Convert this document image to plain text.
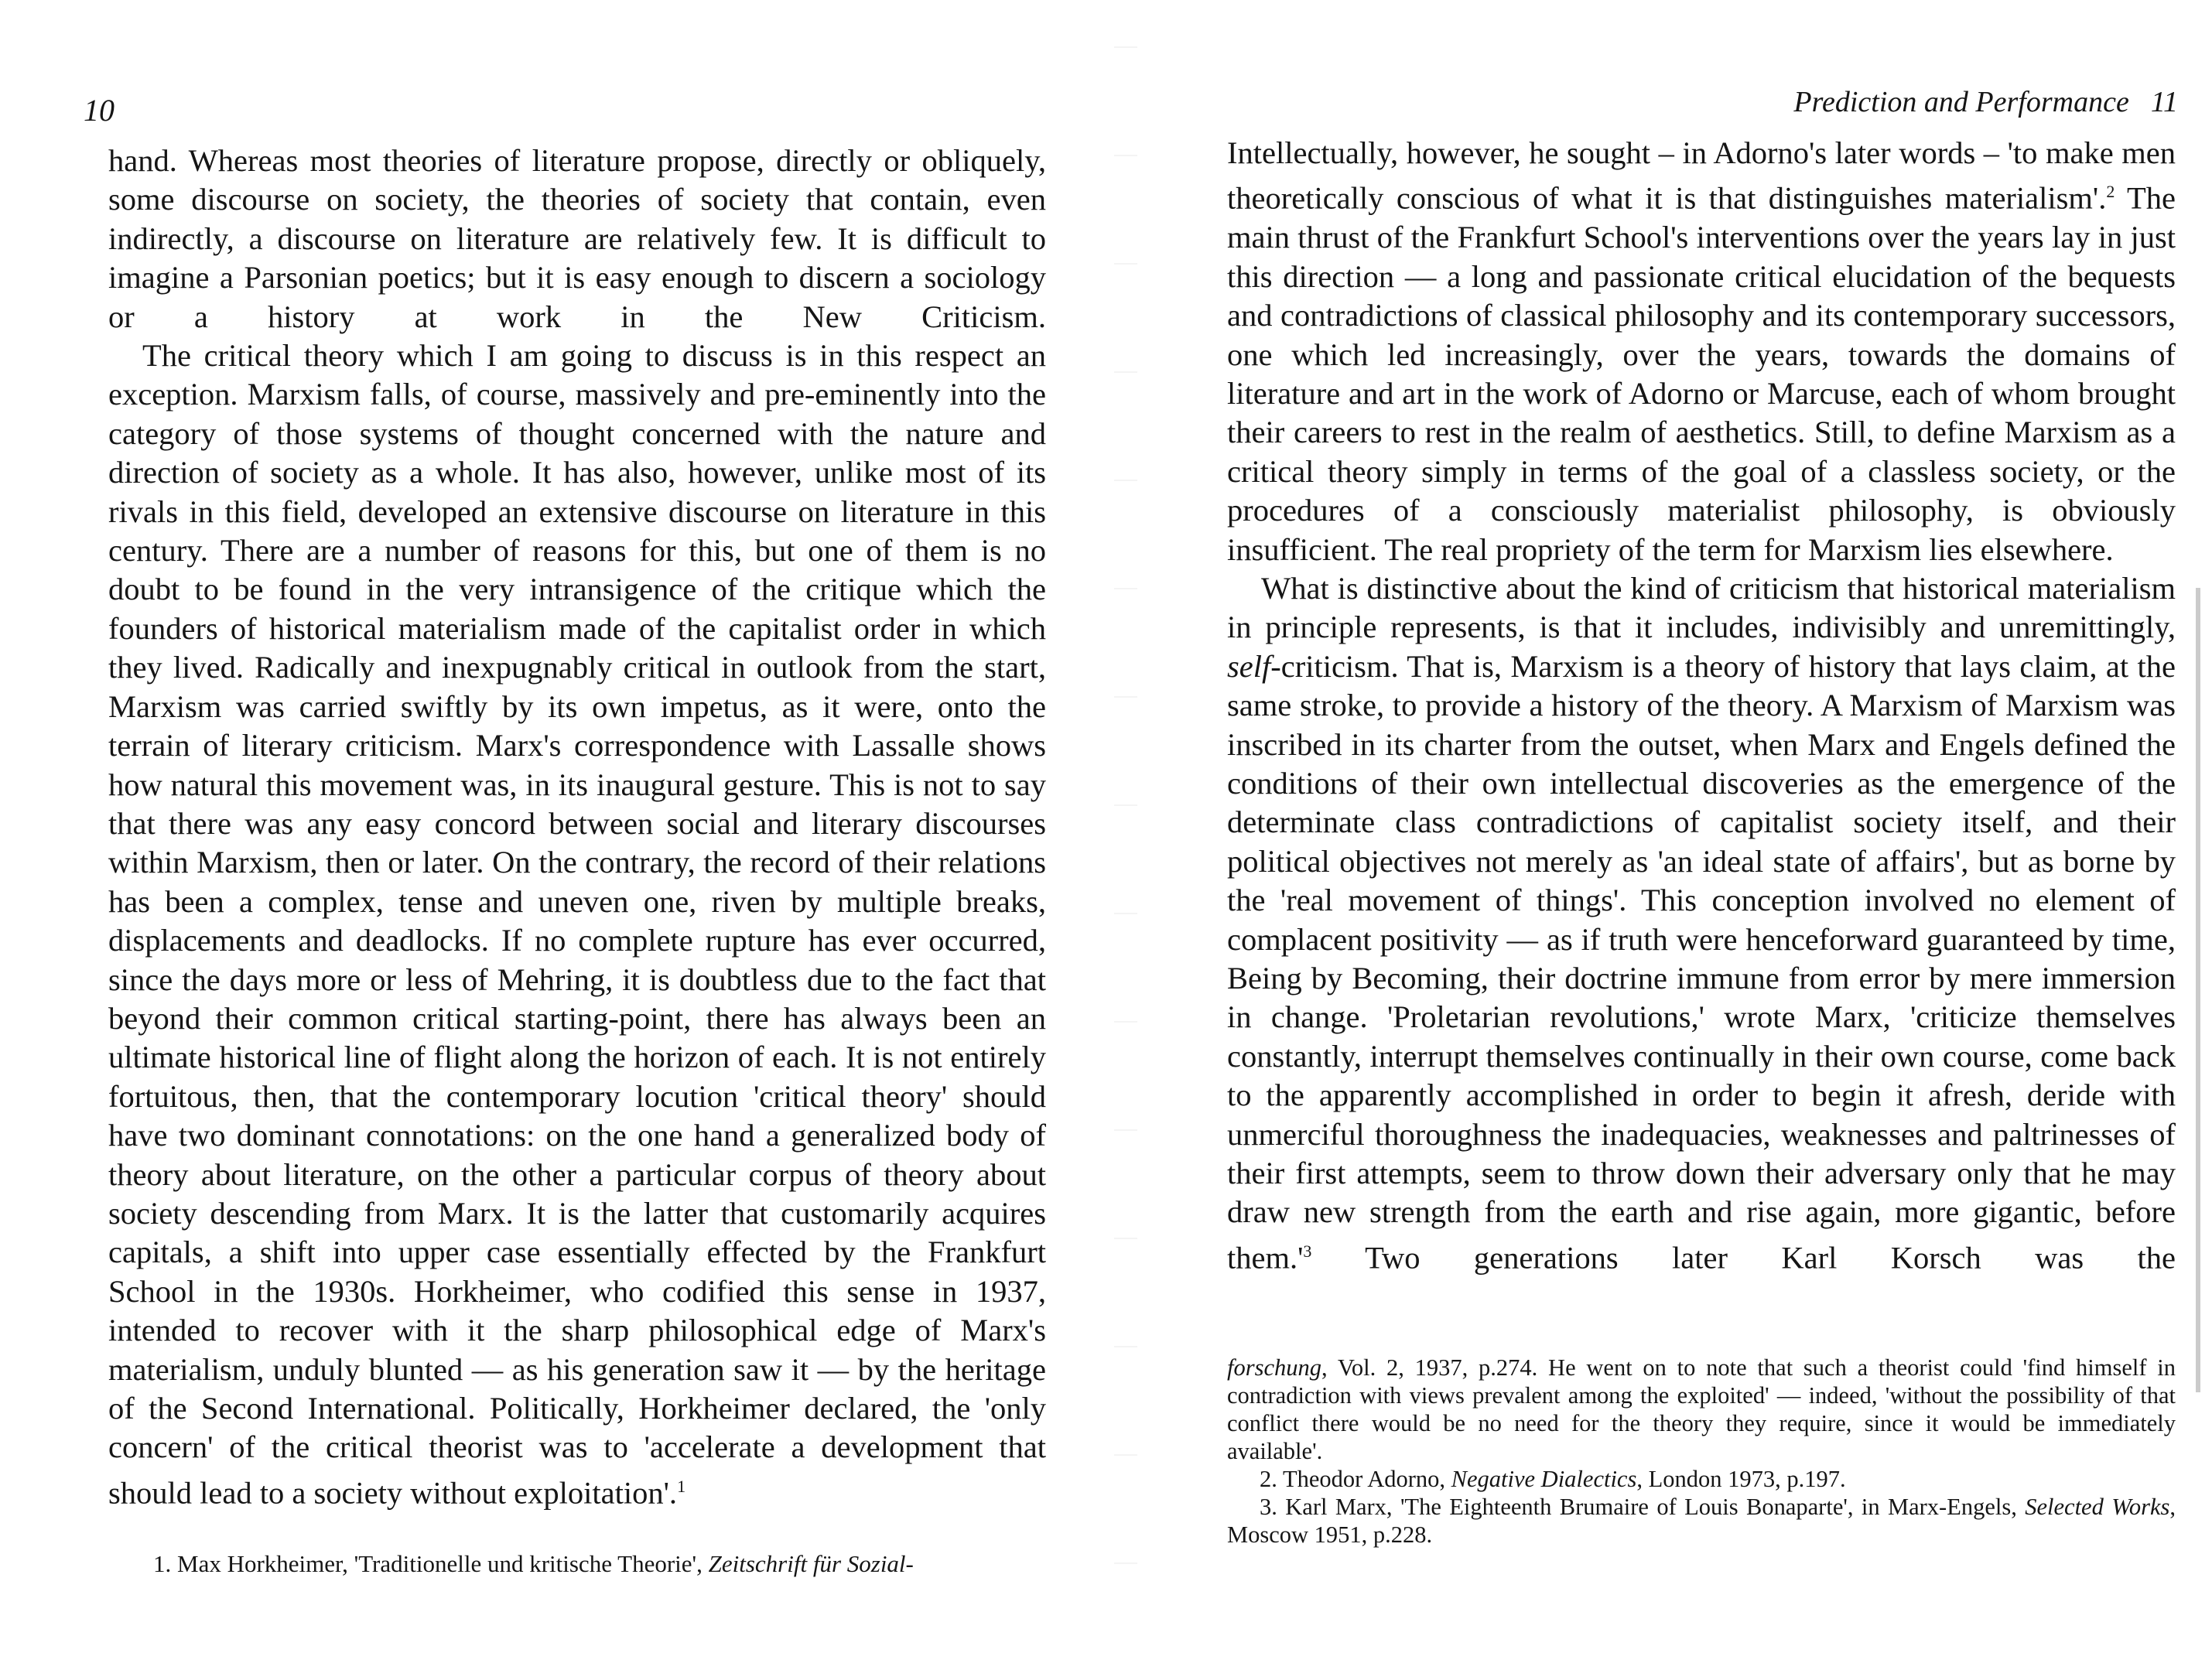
10

hand. Whereas most theories of literature propose, directly or obliquely, some discourse on society, the theories of society that contain, even indirectly, a discourse on literature are relatively few. It is difficult to imagine a Parsonian poetics; but it is easy enough to discern a sociology or a history at work in the New Criticism.

The critical theory which I am going to discuss is in this respect an exception. Marxism falls, of course, massively and pre-eminently into the category of those systems of thought concerned with the nature and direction of society as a whole. It has also, however, unlike most of its rivals in this field, developed an extensive discourse on literature in this century. There are a number of reasons for this, but one of them is no doubt to be found in the very intransigence of the critique which the founders of historical materialism made of the capitalist order in which they lived. Radically and inexpugnably critical in outlook from the start, Marxism was carried swiftly by its own impetus, as it were, onto the terrain of literary criticism. Marx's correspondence with Lassalle shows how natural this movement was, in its inaugural gesture. This is not to say that there was any easy concord between social and literary discourses within Marxism, then or later. On the contrary, the record of their relations has been a complex, tense and uneven one, riven by multiple breaks, displacements and deadlocks. If no complete rupture has ever occurred, since the days more or less of Mehring, it is doubtless due to the fact that beyond their common critical starting-point, there has always been an ultimate historical line of flight along the horizon of each. It is not entirely fortuitous, then, that the contemporary locution 'critical theory' should have two dominant connotations: on the one hand a generalized body of theory about literature, on the other a particular corpus of theory about society descending from Marx. It is the latter that customarily acquires capitals, a shift into upper case essentially effected by the Frankfurt School in the 1930s. Horkheimer, who codified this sense in 1937, intended to recover with it the sharp philosophical edge of Marx's materialism, unduly blunted — as his generation saw it — by the heritage of the Second International. Politically, Horkheimer declared, the 'only concern' of the critical theorist was to 'accelerate a development that should lead to a society without exploitation'.$^1$

1. Max Horkheimer, 'Traditionelle und kritische Theorie', Zeitschrift für Sozial-
Prediction and Performance 11

Intellectually, however, he sought – in Adorno's later words – 'to make men theoretically conscious of what it is that distinguishes materialism'.$^2$ The main thrust of the Frankfurt School's interventions over the years lay in just this direction — a long and passionate critical elucidation of the bequests and contradictions of classical philosophy and its contemporary successors, one which led increasingly, over the years, towards the domains of literature and art in the work of Adorno or Marcuse, each of whom brought their careers to rest in the realm of aesthetics. Still, to define Marxism as a critical theory simply in terms of the goal of a classless society, or the procedures of a consciously materialist philosophy, is obviously insufficient. The real propriety of the term for Marxism lies elsewhere.

What is distinctive about the kind of criticism that historical materialism in principle represents, is that it includes, indivisibly and unremittingly, self-criticism. That is, Marxism is a theory of history that lays claim, at the same stroke, to provide a history of the theory. A Marxism of Marxism was inscribed in its charter from the outset, when Marx and Engels defined the conditions of their own intellectual discoveries as the emergence of the determinate class contradictions of capitalist society itself, and their political objectives not merely as 'an ideal state of affairs', but as borne by the 'real movement of things'. This conception involved no element of complacent positivity — as if truth were henceforward guaranteed by time, Being by Becoming, their doctrine immune from error by mere immersion in change. 'Proletarian revolutions,' wrote Marx, 'criticize themselves constantly, interrupt themselves continually in their own course, come back to the apparently accomplished in order to begin it afresh, deride with unmerciful thoroughness the inadequacies, weaknesses and paltrinesses of their first attempts, seem to throw down their adversary only that he may draw new strength from the earth and rise again, more gigantic, before $them.'^3$ Two generations later Karl Korsch was the

forschung, Vol. 2, 1937, p.274. He went on to note that such a theorist could 'find himself in contradiction with views prevalent among the exploited' — indeed, 'without the possibility of that conflict there would be no need for the theory they require, since it would be immediately available'.

2. Theodor Adorno, Negative Dialectics, London 1973, p.197.

3. Karl Marx, 'The Eighteenth Brumaire of Louis Bonaparte', in Marx-Engels, Selected Works, Moscow 1951, p.228.
